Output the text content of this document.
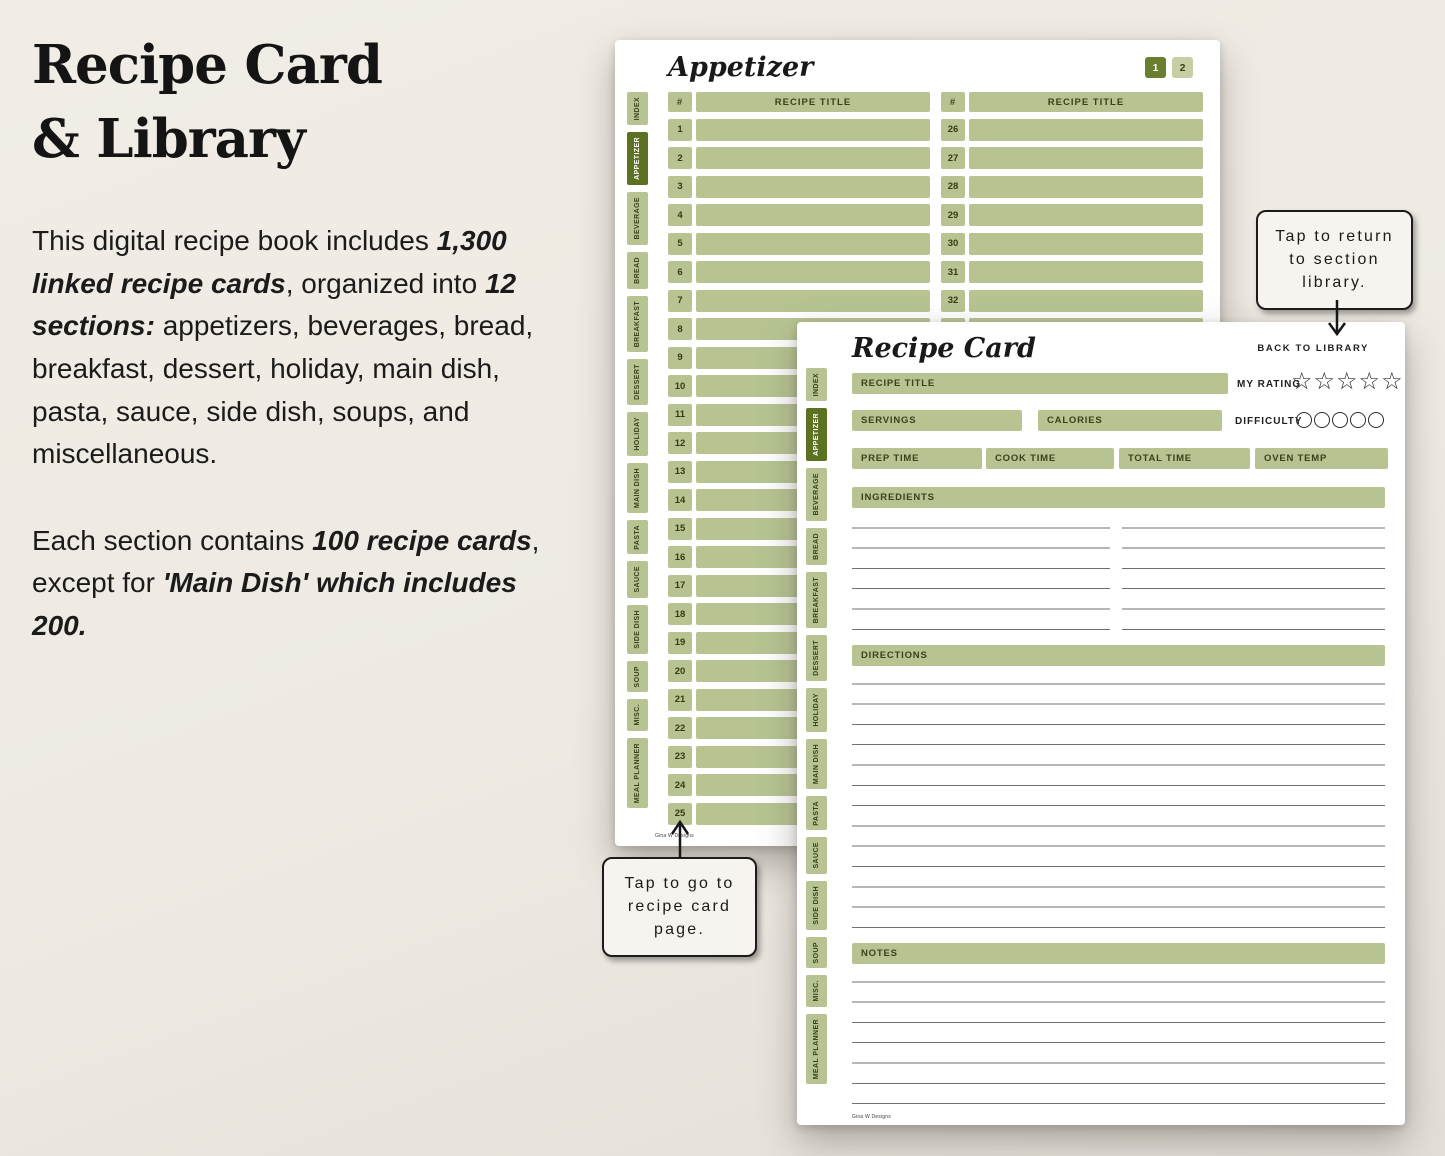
Recipe Card
& Library

This digital recipe book includes 1,300 linked recipe cards, organized into 12 sections: appetizers, beverages, bread, breakfast, dessert, holiday, main dish, pasta, sauce, side dish, soups, and miscellaneous.

Each section contains 100 recipe cards, except for 'Main Dish' which includes 200.

Appetizer	1	2
INDEX
APPETIZER
BEVERAGE
BREAD
BREAKFAST
DESSERT
HOLIDAY
MAIN DISH
PASTA
SAUCE
SIDE DISH
SOUP
MISC.
MEAL PLANNER
#	RECIPE TITLE
1
2
3
4
5
6
7
8
9
10
11
12
13
14
15
16
17
18
19
20
21
22
23
24
25
#	RECIPE TITLE
26
27
28
29
30
31
32
Gina W Designs
Recipe Card	BACK TO LIBRARY
INDEX
APPETIZER
BEVERAGE
BREAD
BREAKFAST
DESSERT
HOLIDAY
MAIN DISH
PASTA
SAUCE
SIDE DISH
SOUP
MISC.
MEAL PLANNER
RECIPE TITLE	MY RATING
☆ ☆ ☆ ☆ ☆
SERVINGS	CALORIES	DIFFICULTY
PREP TIME	COOK TIME	TOTAL TIME	OVEN TEMP
INGREDIENTS
DIRECTIONS
NOTES
Gina W Designs
Tap to return to section library.
Tap to go to recipe card page.
